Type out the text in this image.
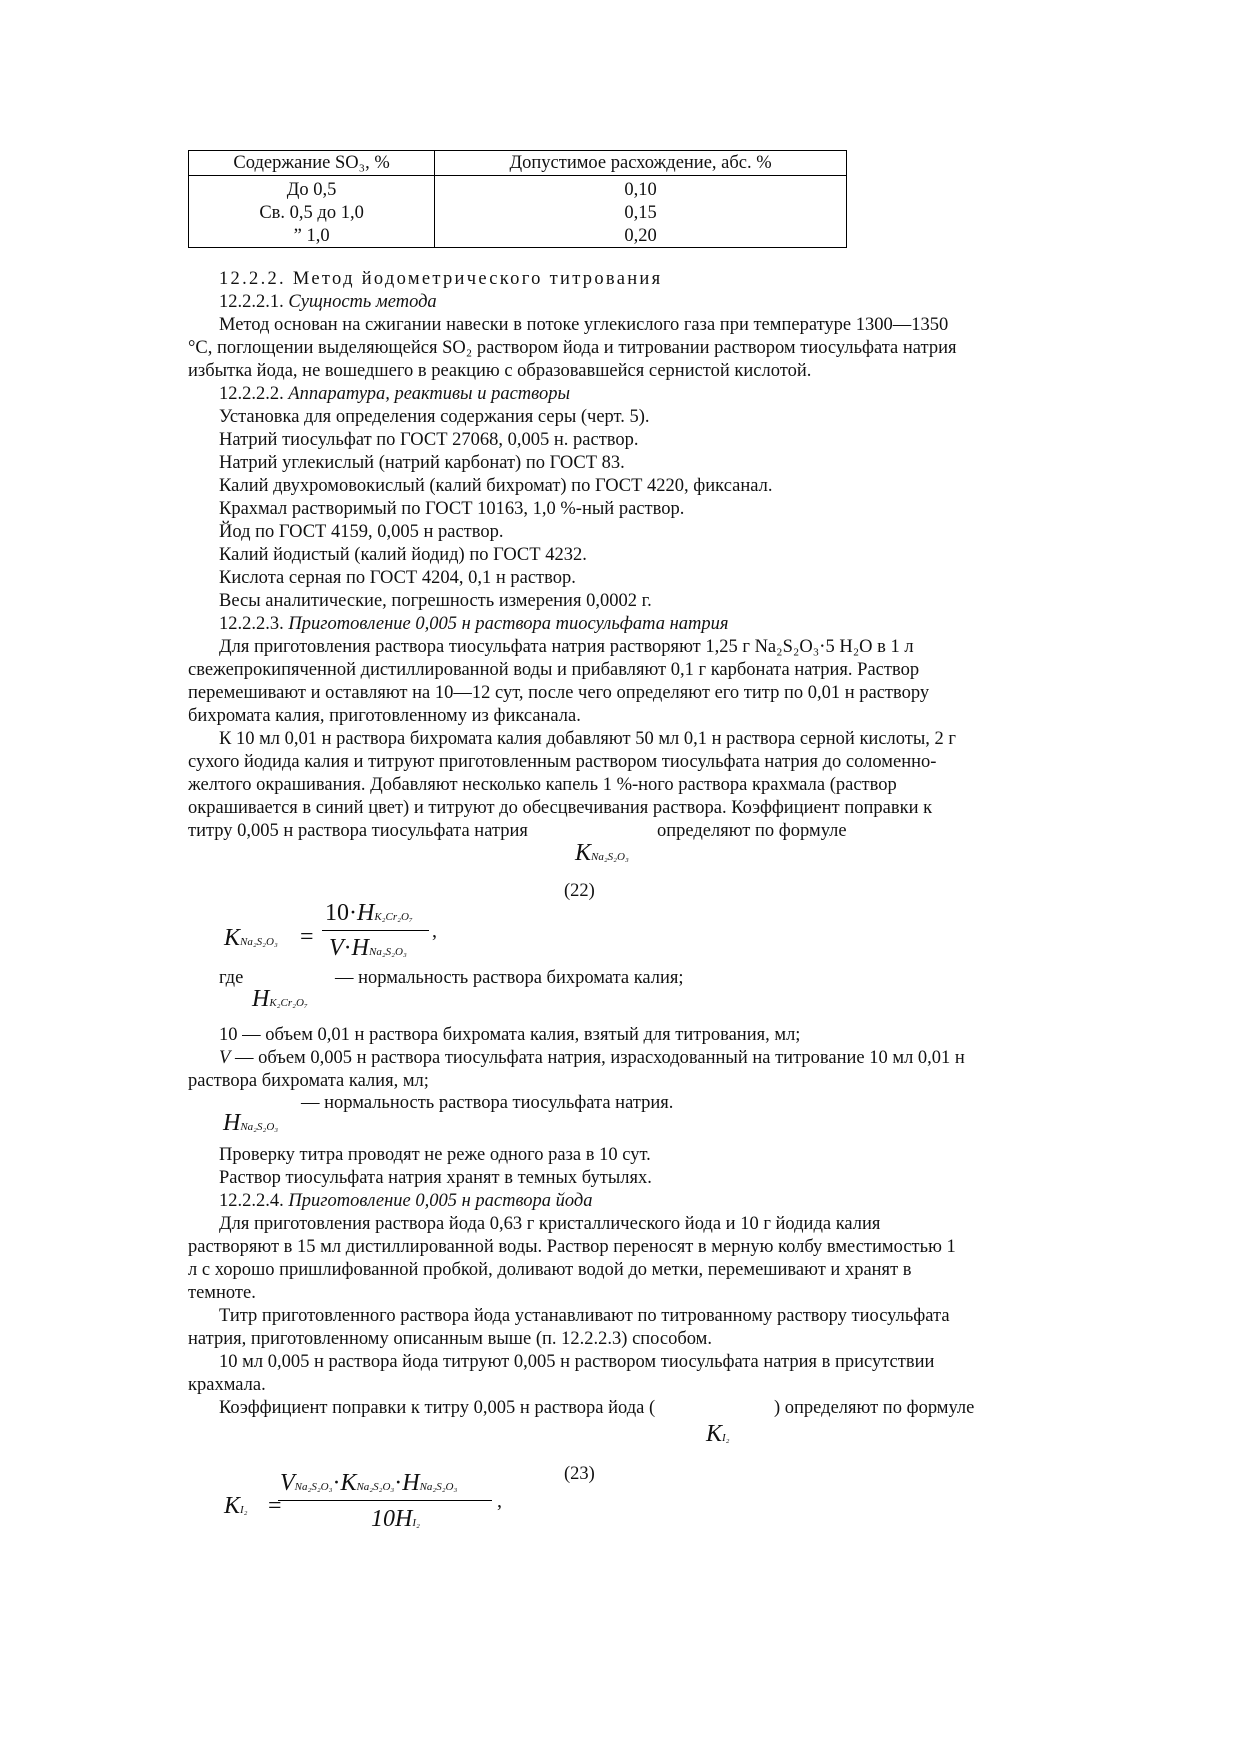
Содержание SO₃, %	Допустимое расхождение, абс. %
До 0,5	0,10
Св. 0,5 до 1,0	0,15
” 1,0	0,20
12.2.2. Метод йодометрического титрования
12.2.2.1. Сущность метода
Метод основан на сжигании навески в потоке углекислого газа при температуре 1300—1350
°С, поглощении выделяющейся SO₂ раствором йода и титровании раствором тиосульфата натрия
избытка йода, не вошедшего в реакцию с образовавшейся сернистой кислотой.
12.2.2.2. Аппаратура, реактивы и растворы
Установка для определения содержания серы (черт. 5).
Натрий тиосульфат по ГОСТ 27068, 0,005 н. раствор.
Натрий углекислый (натрий карбонат) по ГОСТ 83.
Калий двухромовокислый (калий бихромат) по ГОСТ 4220, фиксанал.
Крахмал растворимый по ГОСТ 10163, 1,0 %-ный раствор.
Йод по ГОСТ 4159, 0,005 н раствор.
Калий йодистый (калий йодид) по ГОСТ 4232.
Кислота серная по ГОСТ 4204, 0,1 н раствор.
Весы аналитические, погрешность измерения 0,0002 г.
12.2.2.3. Приготовление 0,005 н раствора тиосульфата натрия
Для приготовления раствора тиосульфата натрия растворяют 1,25 г Na₂S₂O₃⋅5 H₂O в 1 л
свежепрокипяченной дистиллированной воды и прибавляют 0,1 г карбоната натрия. Раствор
перемешивают и оставляют на 10—12 сут, после чего определяют его титр по 0,01 н раствору
бихромата калия, приготовленному из фиксанала.
К 10 мл 0,01 н раствора бихромата калия добавляют 50 мл 0,1 н раствора серной кислоты, 2 г
сухого йодида калия и титруют приготовленным раствором тиосульфата натрия до соломенно-
желтого окрашивания. Добавляют несколько капель 1 %-ного раствора крахмала (раствор
окрашивается в синий цвет) и титруют до обесцвечивания раствора. Коэффициент поправки к
титру 0,005 н раствора тиосульфата натрия	определяют по формуле
KNa₂S₂O₃
(22)
KNa₂S₂O₃ =
10·HK₂Cr₂O₇
V·HNa₂S₂O₃
,
где	— нормальность раствора бихромата калия;
HK₂Cr₂O₇
10 — объем 0,01 н раствора бихромата калия, взятый для титрования, мл;
V — объем 0,005 н раствора тиосульфата натрия, израсходованный на титрование 10 мл 0,01 н
раствора бихромата калия, мл;
— нормальность раствора тиосульфата натрия.
HNa₂S₂O₃
Проверку титра проводят не реже одного раза в 10 сут.
Раствор тиосульфата натрия хранят в темных бутылях.
12.2.2.4. Приготовление 0,005 н раствора йода
Для приготовления раствора йода 0,63 г кристаллического йода и 10 г йодида калия
растворяют в 15 мл дистиллированной воды. Раствор переносят в мерную колбу вместимостью 1
л с хорошо пришлифованной пробкой, доливают водой до метки, перемешивают и хранят в
темноте.
Титр приготовленного раствора йода устанавливают по титрованному раствору тиосульфата
натрия, приготовленному описанным выше (п. 12.2.2.3) способом.
10 мл 0,005 н раствора йода титруют 0,005 н раствором тиосульфата натрия в присутствии
крахмала.
Коэффициент поправки к титру 0,005 н раствора йода (	) определяют по формуле
KI₂
(23)
KI₂ =
VNa₂S₂O₃·KNa₂S₂O₃·HNa₂S₂O₃
10HI₂
,
